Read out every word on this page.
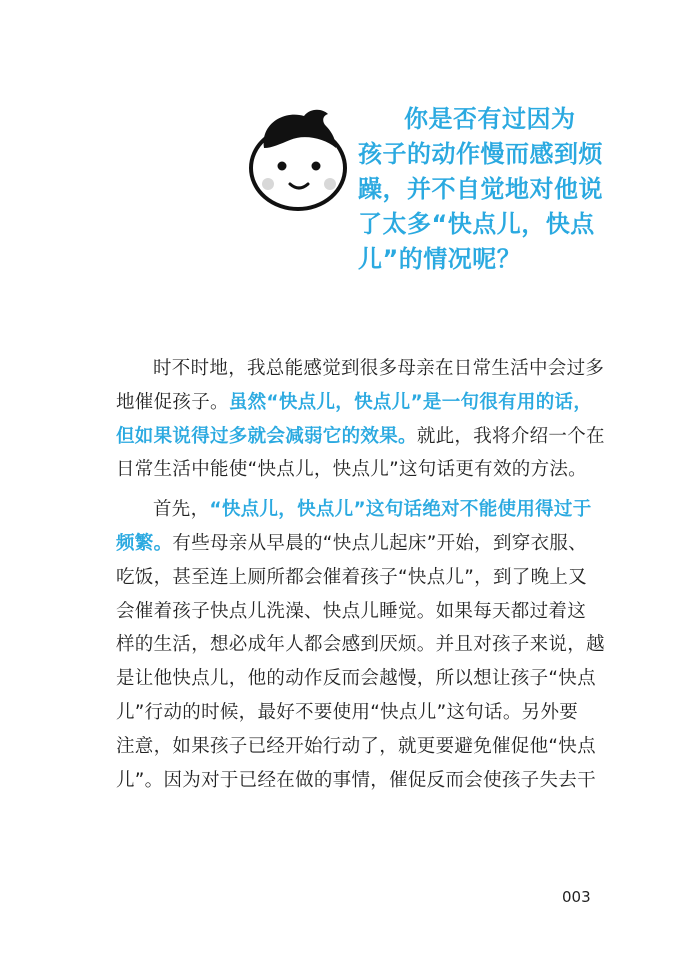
你是否有过因为
孩子的动作慢而感到烦
躁，并不自觉地对他说
了太多“快点儿，快点
儿”的情况呢？
时不时地，我总能感觉到很多母亲在日常生活中会过多
地催促孩子。虽然“快点儿，快点儿”是一句很有用的话，
但如果说得过多就会减弱它的效果。就此，我将介绍一个在
日常生活中能使“快点儿，快点儿”这句话更有效的方法。
首先，“快点儿，快点儿”这句话绝对不能使用得过于
频繁。有些母亲从早晨的“快点儿起床”开始，到穿衣服、
吃饭，甚至连上厕所都会催着孩子“快点儿”，到了晚上又
会催着孩子快点儿洗澡、快点儿睡觉。如果每天都过着这
样的生活，想必成年人都会感到厌烦。并且对孩子来说，越
是让他快点儿，他的动作反而会越慢，所以想让孩子“快点
儿”行动的时候，最好不要使用“快点儿”这句话。另外要
注意，如果孩子已经开始行动了，就更要避免催促他“快点
儿”。因为对于已经在做的事情，催促反而会使孩子失去干
003
